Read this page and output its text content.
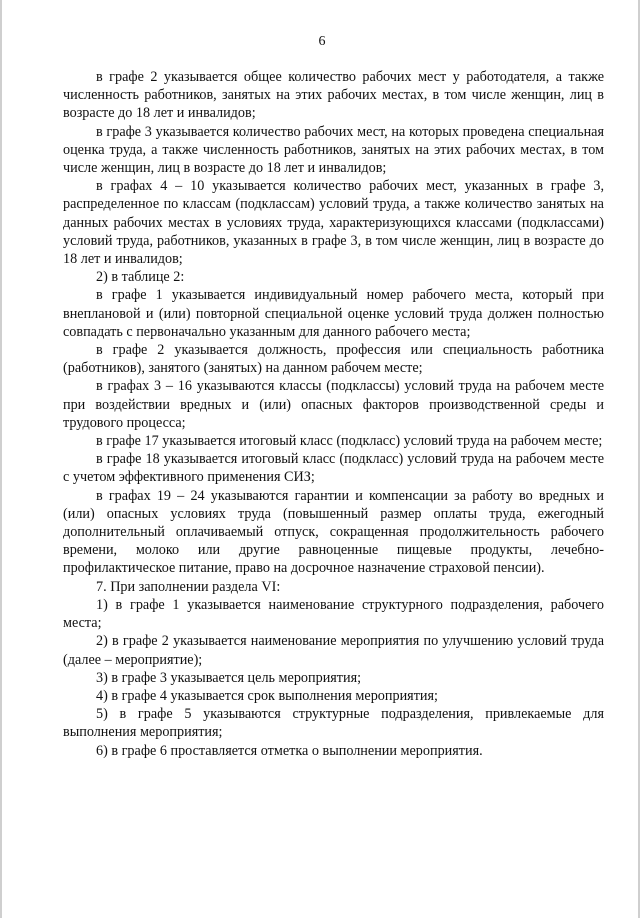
6

в графе 2 указывается общее количество рабочих мест у работодателя, а также численность работников, занятых на этих рабочих местах, в том числе женщин, лиц в возрасте до 18 лет и инвалидов;

в графе 3 указывается количество рабочих мест, на которых проведена специальная оценка труда, а также численность работников, занятых на этих рабочих местах, в том числе женщин, лиц в возрасте до 18 лет и инвалидов;

в графах 4 – 10 указывается количество рабочих мест, указанных в графе 3, распределенное по классам (подклассам) условий труда, а также количество занятых на данных рабочих местах в условиях труда, характеризующихся классами (подклассами) условий труда, работников, указанных в графе 3, в том числе женщин, лиц в возрасте до 18 лет и инвалидов;

2) в таблице 2:

в графе 1 указывается индивидуальный номер рабочего места, который при внеплановой и (или) повторной специальной оценке условий труда должен полностью совпадать с первоначально указанным для данного рабочего места;

в графе 2 указывается должность, профессия или специальность работника (работников), занятого (занятых) на данном рабочем месте;

в графах 3 – 16 указываются классы (подклассы) условий труда на рабочем месте при воздействии вредных и (или) опасных факторов производственной среды и трудового процесса;

в графе 17 указывается итоговый класс (подкласс) условий труда на рабочем месте;

в графе 18 указывается итоговый класс (подкласс) условий труда на рабочем месте с учетом эффективного применения СИЗ;

в графах 19 – 24 указываются гарантии и компенсации за работу во вредных и (или) опасных условиях труда (повышенный размер оплаты труда, ежегодный дополнительный оплачиваемый отпуск, сокращенная продолжительность рабочего времени, молоко или другие равноценные пищевые продукты, лечебно-профилактическое питание, право на досрочное назначение страховой пенсии).

7. При заполнении раздела VI:

1) в графе 1 указывается наименование структурного подразделения, рабочего места;

2) в графе 2 указывается наименование мероприятия по улучшению условий труда (далее – мероприятие);

3) в графе 3 указывается цель мероприятия;

4) в графе 4 указывается срок выполнения мероприятия;

5) в графе 5 указываются структурные подразделения, привлекаемые для выполнения мероприятия;

6) в графе 6 проставляется отметка о выполнении мероприятия.
